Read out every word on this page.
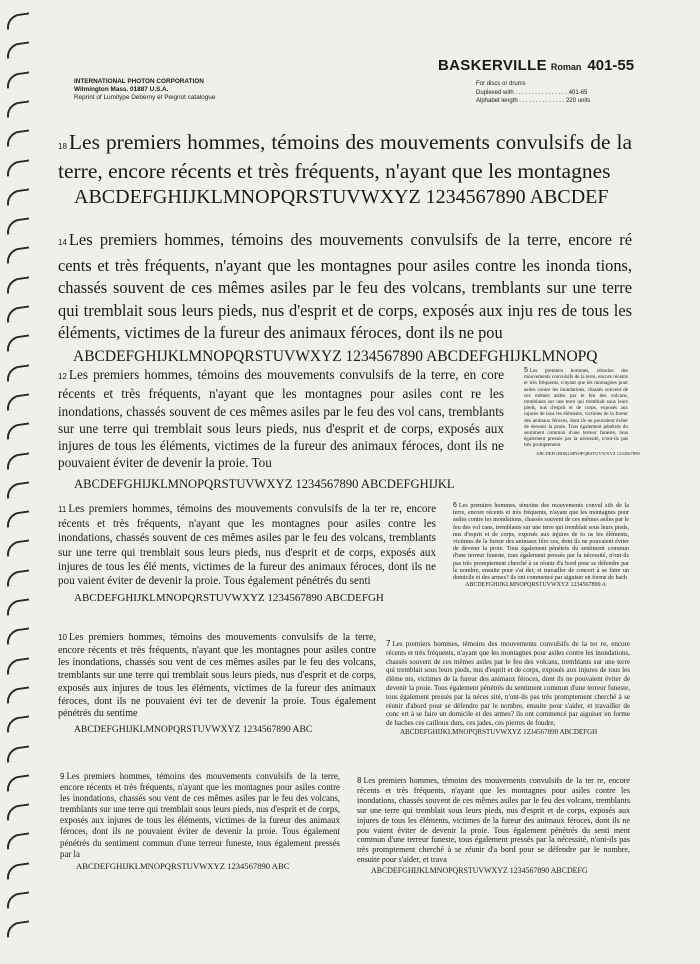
INTERNATIONAL PHOTON CORPORATION
Wilmington Mass. 01887 U.S.A.
Reprint of Lumitype Deberny et Peignot catalogue
BASKERVILLE Roman 401-55
For discs or drums
Duplexed with . . . . . . . . . . . . . . . . 401-65
Alphabet length . . . . . . . . . . . . . . 220 units

18Les premiers hommes, témoins des mouvements convulsifs de la terre, encore récents et très fréquents, n'ayant que les montagnes

ABCDEFGHIJKLMNOPQRSTUVWXYZ 1234567890 ABCDEF

14 Les premiers hommes, témoins des mouvements convulsifs de la terre, encore ré cents et très fréquents, n'ayant que les montagnes pour asiles contre les inonda tions, chassés souvent de ces mêmes asiles par le feu des volcans, tremblants sur une terre qui tremblait sous leurs pieds, nus d'esprit et de corps, exposés aux inju res de tous les éléments, victimes de la fureur des animaux féroces, dont ils ne pou

ABCDEFGHIJKLMNOPQRSTUVWXYZ 1234567890 ABCDEFGHIJKLMNOPQ

12 Les premiers hommes, témoins des mouvements convulsifs de la terre, en core récents et très fréquents, n'ayant que les montagnes pour asiles cont re les inondations, chassés souvent de ces mêmes asiles par le feu des vol cans, tremblants sur une terre qui tremblait sous leurs pieds, nus d'esprit et de corps, exposés aux injures de tous les éléments, victimes de la fureur des animaux féroces, dont ils ne pouvaient éviter de devenir la proie. Tou

ABCDEFGHIJKLMNOPQRSTUVWXYZ 1234567890 ABCDEFGHIJKL

5 Les premiers hommes, témoins des mouvements convulsifs de la terre, encore récents et très fréquents, n'ayant que les montagnes pour asiles contre les inondations, chassés souvent de ces mêmes asiles par le feu des volcans, tremblants sur une terre qui tremblait sous leurs pieds, nus d'esprit et de corps, exposés aux injures de tous les éléments, victimes de la fureur des animaux féroces, dont ils ne pouvaient éviter de devenir la proie. Tous également pénétrés du sentiment commun d'une terreur funeste, tous également pressés par la nécessité, n'ont-ils pas très promptement

ABCDEFGHIJKLMNOPQRSTUVWXYZ 1234567890

11 Les premiers hommes, témoins des mouvements convulsifs de la ter re, encore récents et très fréquents, n'ayant que les montagnes pour asiles contre les inondations, chassés souvent de ces mêmes asiles par le feu des volcans, tremblants sur une terre qui tremblait sous leurs pieds, nus d'esprit et de corps, exposés aux injures de tous les élé ments, victimes de la fureur des animaux féroces, dont ils ne pou vaient éviter de devenir la proie. Tous également pénétrés du senti

ABCDEFGHIJKLMNOPQRSTUVWXYZ 1234567890 ABCDEFGH

6 Les premiers hommes, témoins des mouvements convul sifs de la terre, encore récents et très fréquents, n'ayant que les montagnes pour asiles contre les inondations, chassés souvent de ces mêmes asiles par le feu des vol cans, tremblants sur une terre qui tremblait sous leurs pieds, nus d'esprit et de corps, exposés aux injures de to us les éléments, victimes de la fureur des animaux féro ces, dont ils ne pouvaient éviter de devenir la proie. Tous également pénétrés du sentiment commun d'une terreur funeste, tous également pressés par la nécessité, n'ont-ils pas très promptement cherché à se réunir d'a bord pour se défendre par le nombre, ensuite pour s'ai der, et travailler de concert à se faire un domicile et des armes? ils ont commencé par aiguiser en forme de hach

ABCDEFGHIJKLMNOPQRSTUVWXYZ 1234567890 A

10 Les premiers hommes, témoins des mouvements convulsifs de la terre, encore récents et très fréquents, n'ayant que les montagnes pour asiles contre les inondations, chassés sou vent de ces mêmes asiles par le feu des volcans, tremblants sur une terre qui tremblait sous leurs pieds, nus d'esprit et de corps, exposés aux injures de tous les éléments, victimes de la fureur des animaux féroces, dont ils ne pouvaient évi ter de devenir la proie. Tous également pénétrés du sentime

ABCDEFGHIJKLMNOPQRSTUVWXYZ 1234567890 ABC

7 Les premiers hommes, témoins des mouvements convulsifs de la ter re, encore récents et très fréquents, n'ayant que les montagnes pour asiles contre les inondations, chassés souvent de ces mêmes asiles par le feu des volcans, tremblants sur une terre qui tremblait sous leurs pieds, nus d'esprit et de corps, exposés aux injures de tous les élème nts, victimes de la fureur des animaux féroces, dont ils ne pouvaient éviter de devenir la proie. Tous également pénétrés du sentiment commun d'une terreur funeste, tous également pressés par la néces sité, n'ont-ils pas très promptement cherché à se réunir d'abord pour se défendre par le nombre, ensuite pour s'aider, et travailler de conc ert à se faire un domicile et des armes? ils ont commencé par aiguiser en forme de haches ces cailloux durs, ces jades, ces pierres de foudre,

ABCDEFGHIJKLMNOPQRSTUVWXYZ 1234567890 ABCDEFGH

9 Les premiers hommes, témoins des mouvements convulsifs de la terre, encore récents et très fréquents, n'ayant que les montagnes pour asiles contre les inondations, chassés sou vent de ces mêmes asiles par le feu des volcans, tremblants sur une terre qui tremblait sous leurs pieds, nus d'esprit et de corps, exposés aux injures de tous les éléments, victimes de la fureur des animaux féroces, dont ils ne pouvaient éviter de devenir la proie. Tous également pénétrés du sentiment commun d'une terreur funeste, tous également pressés par la

ABCDEFGHIJKLMNOPQRSTUVWXYZ 1234567890 ABC

8 Les premiers hommes, témoins des mouvements convulsifs de la ter re, encore récents et très fréquents, n'ayant que les montagnes pour asiles contre les inondations, chassés souvent de ces mêmes asiles par le feu des volcans, tremblants sur une terre qui tremblait sous leurs pieds, nus d'esprit et de corps, exposés aux injures de tous les éléments, victimes de la fureur des animaux féroces, dont ils ne pou vaient éviter de devenir la proie. Tous également pénétrés du senti ment commun d'une terreur funeste, tous également pressés par la nécessité, n'ont-ils pas très promptement cherché à se réunir d'a bord pour se défendre par le nombre, ensuite pour s'aider, et trava

ABCDEFGHIJKLMNOPQRSTUVWXYZ 1234567890 ABCDEFG
